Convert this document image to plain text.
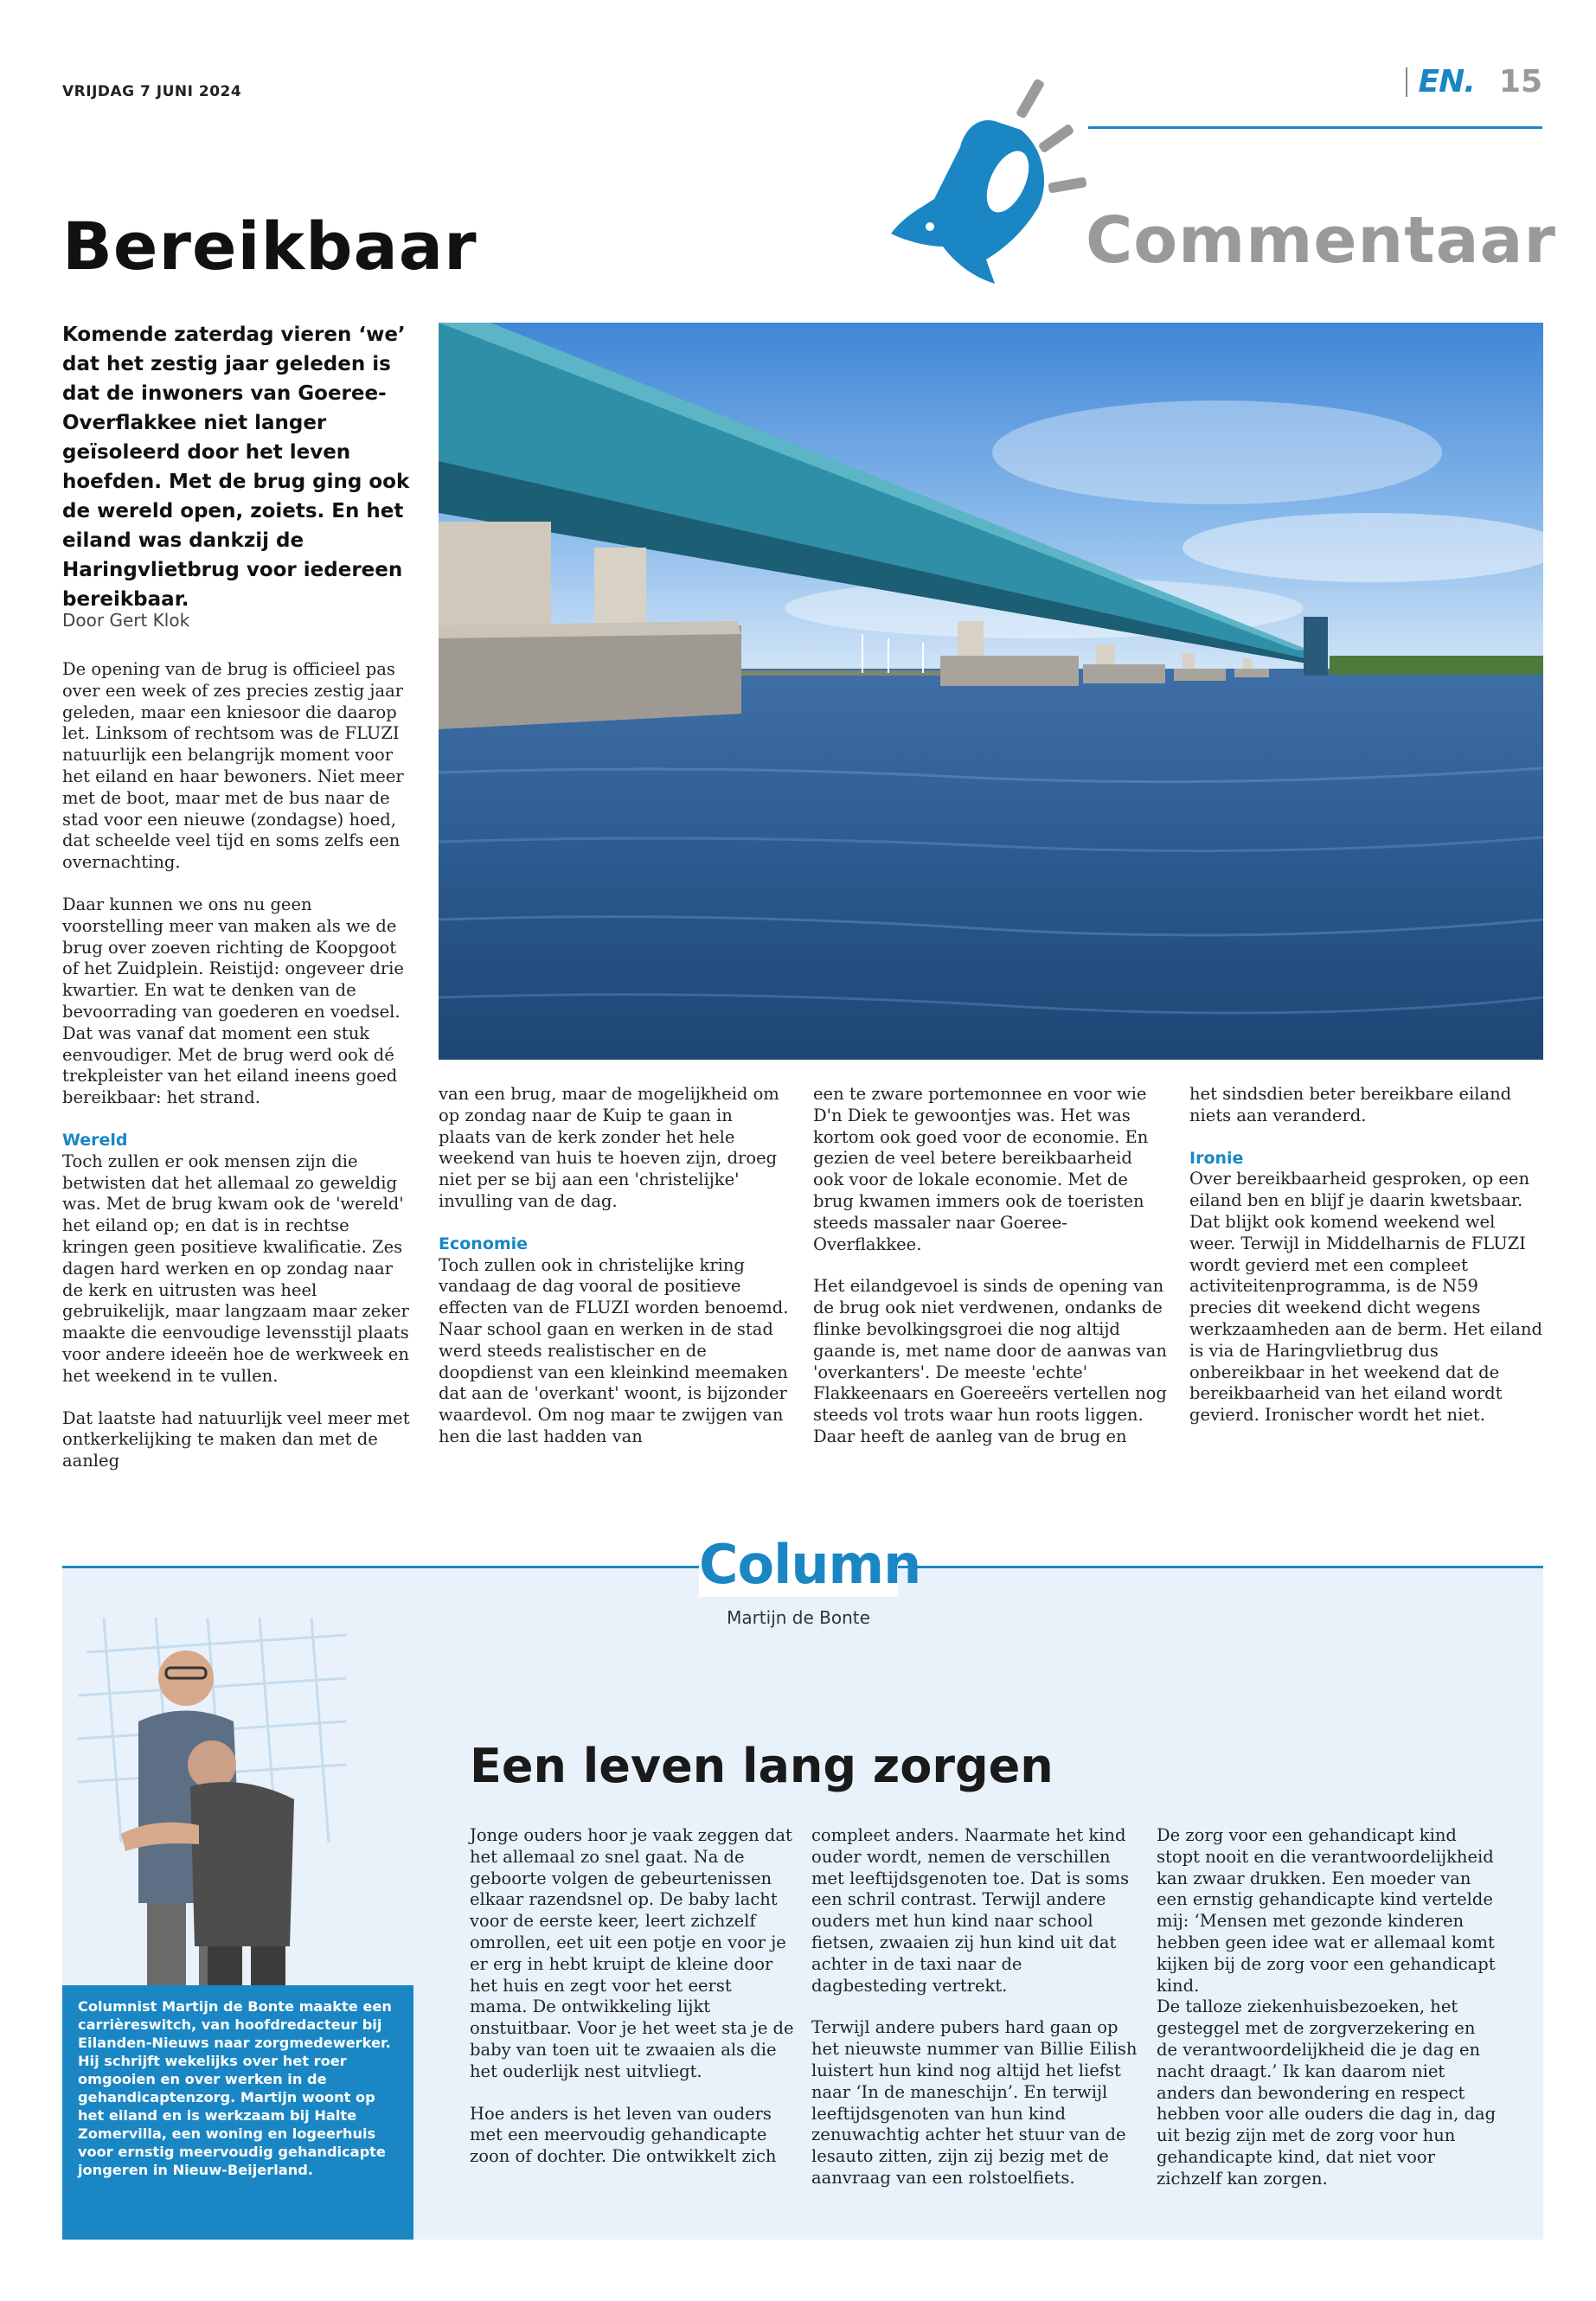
VRIJDAG 7 JUNI 2024	EN. 15
Commentaar
Bereikbaar
Komende zaterdag vieren ‘we’ dat het zestig jaar geleden is dat de inwoners van Goeree-Overflakkee niet langer geïsoleerd door het leven hoefden. Met de brug ging ook de wereld open, zoiets. En het eiland was dankzij de Haringvlietbrug voor iedereen bereikbaar.
Door Gert Klok

De opening van de brug is officieel pas over een week of zes precies zestig jaar geleden, maar een kniesoor die daarop let. Linksom of rechtsom was de FLUZI natuurlijk een belangrijk moment voor het eiland en haar bewoners. Niet meer met de boot, maar met de bus naar de stad voor een nieuwe (zondagse) hoed, dat scheelde veel tijd en soms zelfs een overnachting.

Daar kunnen we ons nu geen voorstelling meer van maken als we de brug over zoeven richting de Koopgoot of het Zuidplein. Reistijd: ongeveer drie kwartier. En wat te denken van de bevoorrading van goederen en voedsel. Dat was vanaf dat moment een stuk eenvoudiger. Met de brug werd ook dé trekpleister van het eiland ineens goed bereikbaar: het strand.

Wereld
Toch zullen er ook mensen zijn die betwisten dat het allemaal zo geweldig was. Met de brug kwam ook de 'wereld' het eiland op; en dat is in rechtse kringen geen positieve kwalificatie. Zes dagen hard werken en op zondag naar de kerk en uitrusten was heel gebruikelijk, maar langzaam maar zeker maakte die eenvoudige levensstijl plaats voor andere ideeën hoe de werkweek en het weekend in te vullen.

Dat laatste had natuurlijk veel meer met ontkerkelijking te maken dan met de aanleg

van een brug, maar de mogelijkheid om op zondag naar de Kuip te gaan in plaats van de kerk zonder het hele weekend van huis te hoeven zijn, droeg niet per se bij aan een 'christelijke' invulling van de dag.

Economie
Toch zullen ook in christelijke kring vandaag de dag vooral de positieve effecten van de FLUZI worden benoemd. Naar school gaan en werken in de stad werd steeds realistischer en de doopdienst van een kleinkind meemaken dat aan de 'overkant' woont, is bijzonder waardevol. Om nog maar te zwijgen van hen die last hadden van

een te zware portemonnee en voor wie D'n Diek te gewoontjes was. Het was kortom ook goed voor de economie. En gezien de veel betere bereikbaarheid ook voor de lokale economie. Met de brug kwamen immers ook de toeristen steeds massaler naar Goeree-Overflakkee.

Het eilandgevoel is sinds de opening van de brug ook niet verdwenen, ondanks de flinke bevolkingsgroei die nog altijd gaande is, met name door de aanwas van 'overkanters'. De meeste 'echte' Flakkeenaars en Goereeërs vertellen nog steeds vol trots waar hun roots liggen. Daar heeft de aanleg van de brug en

het sindsdien beter bereikbare eiland niets aan veranderd.

Ironie
Over bereikbaarheid gesproken, op een eiland ben en blijf je daarin kwetsbaar. Dat blijkt ook komend weekend wel weer. Terwijl in Middelharnis de FLUZI wordt gevierd met een compleet activiteitenprogramma, is de N59 precies dit weekend dicht wegens werkzaamheden aan de berm. Het eiland is via de Haringvlietbrug dus onbereikbaar in het weekend dat de bereikbaarheid van het eiland wordt gevierd. Ironischer wordt het niet.

Column
Martijn de Bonte
Columnist Martijn de Bonte maakte een carrièreswitch, van hoofdredacteur bij Eilanden-Nieuws naar zorgmedewerker. Hij schrijft wekelijks over het roer omgooien en over werken in de gehandicaptenzorg. Martijn woont op het eiland en is werkzaam bij Halte Zomervilla, een woning en logeerhuis voor ernstig meervoudig gehandicapte jongeren in Nieuw-Beijerland.
Een leven lang zorgen

Jonge ouders hoor je vaak zeggen dat het allemaal zo snel gaat. Na de geboorte volgen de gebeurtenissen elkaar razendsnel op. De baby lacht voor de eerste keer, leert zichzelf omrollen, eet uit een potje en voor je er erg in hebt kruipt de kleine door het huis en zegt voor het eerst mama. De ontwikkeling lijkt onstuitbaar. Voor je het weet sta je de baby van toen uit te zwaaien als die het ouderlijk nest uitvliegt.

Hoe anders is het leven van ouders met een meervoudig gehandicapte zoon of dochter. Die ontwikkelt zich

compleet anders. Naarmate het kind ouder wordt, nemen de verschillen met leeftijdsgenoten toe. Dat is soms een schril contrast. Terwijl andere ouders met hun kind naar school fietsen, zwaaien zij hun kind uit dat achter in de taxi naar de dagbesteding vertrekt.

Terwijl andere pubers hard gaan op het nieuwste nummer van Billie Eilish luistert hun kind nog altijd het liefst naar ‘In de maneschijn’. En terwijl leeftijdsgenoten van hun kind zenuwachtig achter het stuur van de lesauto zitten, zijn zij bezig met de aanvraag van een rolstoelfiets.

De zorg voor een gehandicapt kind stopt nooit en die verantwoordelijkheid kan zwaar drukken. Een moeder van een ernstig gehandicapte kind vertelde mij: ‘Mensen met gezonde kinderen hebben geen idee wat er allemaal komt kijken bij de zorg voor een gehandicapt kind.

De talloze ziekenhuisbezoeken, het gesteggel met de zorgverzekering en de verantwoordelijkheid die je dag en nacht draagt.’ Ik kan daarom niet anders dan bewondering en respect hebben voor alle ouders die dag in, dag uit bezig zijn met de zorg voor hun gehandicapte kind, dat niet voor zichzelf kan zorgen.
